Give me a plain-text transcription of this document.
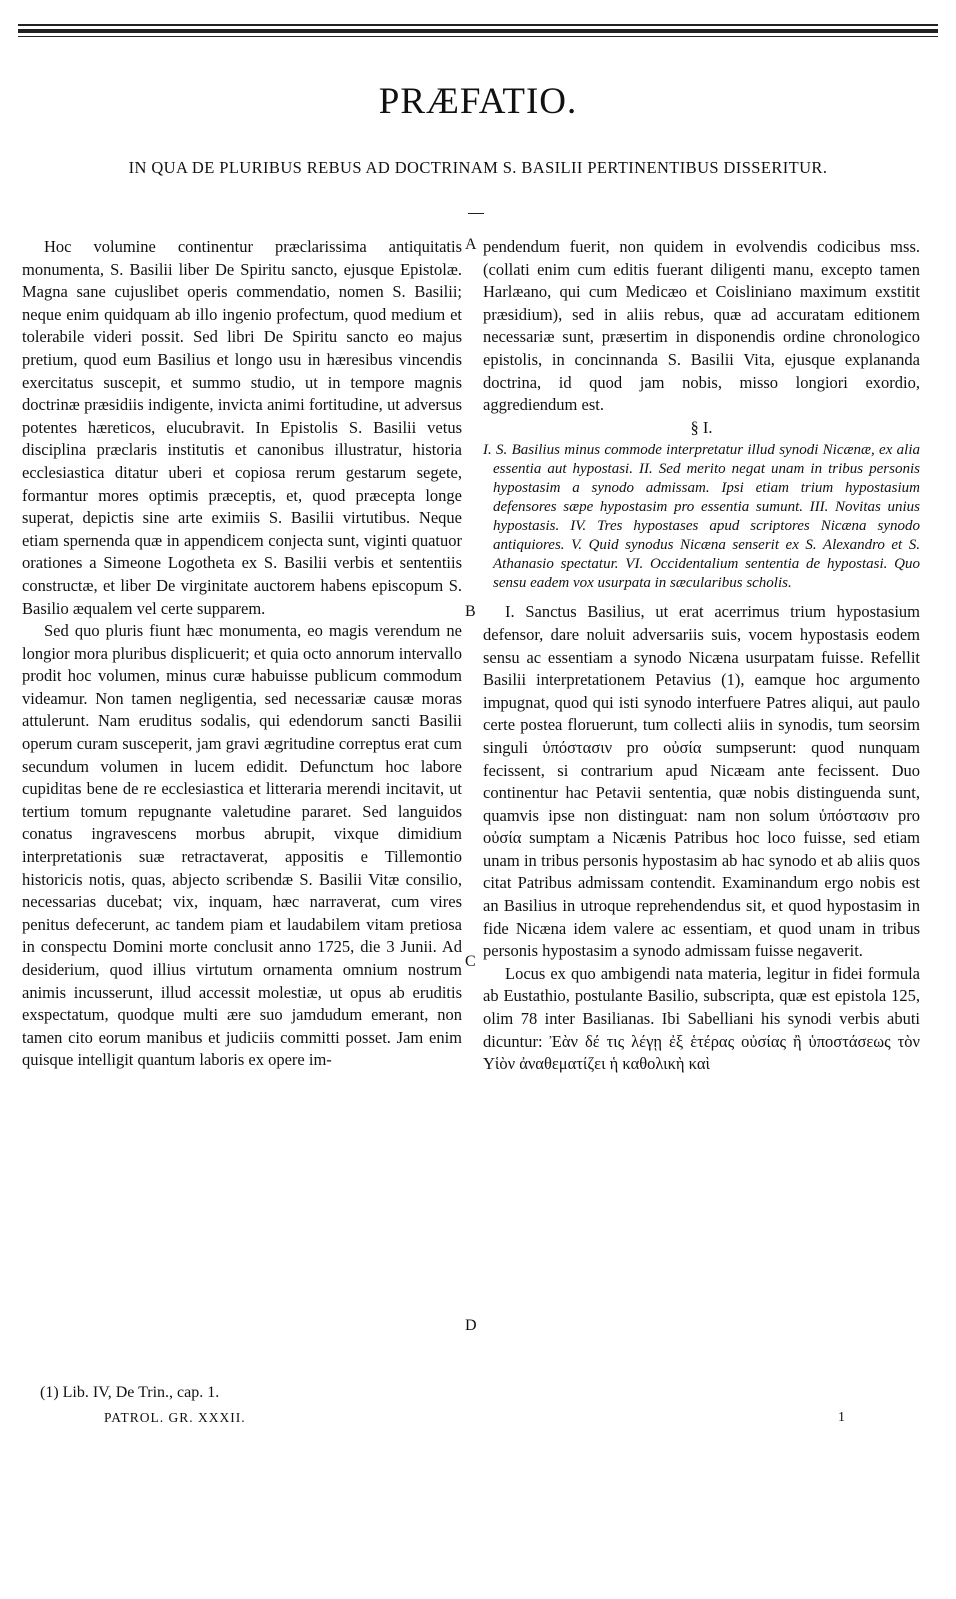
PRÆFATIO.
IN QUA DE PLURIBUS REBUS AD DOCTRINAM S. BASILII PERTINENTIBUS DISSERITUR.

Hoc volumine continentur præclarissima antiquitatis monumenta, S. Basilii liber De Spiritu sancto, ejusque Epistolæ. Magna sane cujuslibet operis commendatio, nomen S. Basilii; neque enim quidquam ab illo ingenio profectum, quod medium et tolerabile videri possit. Sed libri De Spiritu sancto eo majus pretium, quod eum Basilius et longo usu in hæresibus vincendis exercitatus suscepit, et summo studio, ut in tempore magnis doctrinæ præsidiis indigente, invicta animi fortitudine, ut adversus potentes hæreticos, elucubravit. In Epistolis S. Basilii vetus disciplina præclaris institutis et canonibus illustratur, historia ecclesiastica ditatur uberi et copiosa rerum gestarum segete, formantur mores optimis præceptis, et, quod præcepta longe superat, depictis sine arte eximiis S. Basilii virtutibus. Neque etiam spernenda quæ in appendicem conjecta sunt, viginti quatuor orationes a Simeone Logotheta ex S. Basilii verbis et sententiis constructæ, et liber De virginitate auctorem habens episcopum S. Basilio æqualem vel certe supparem.

Sed quo pluris fiunt hæc monumenta, eo magis verendum ne longior mora pluribus displicuerit; et quia octo annorum intervallo prodit hoc volumen, minus curæ habuisse publicum commodum videamur. Non tamen negligentia, sed necessariæ causæ moras attulerunt. Nam eruditus sodalis, qui edendorum sancti Basilii operum curam susceperit, jam gravi ægritudine correptus erat cum secundum volumen in lucem edidit. Defunctum hoc labore cupiditas bene de re ecclesiastica et litteraria merendi incitavit, ut tertium tomum repugnante valetudine pararet. Sed languidos conatus ingravescens morbus abrupit, vixque dimidium interpretationis suæ retractaverat, appositis e Tillemontio historicis notis, quas, abjecto scribendæ S. Basilii Vitæ consilio, necessarias ducebat; vix, inquam, hæc narraverat, cum vires penitus defecerunt, ac tandem piam et laudabilem vitam pretiosa in conspectu Domini morte conclusit anno 1725, die 3 Junii. Ad desiderium, quod illius virtutum ornamenta omnium nostrum animis incusserunt, illud accessit molestiæ, ut opus ab eruditis exspectatum, quodque multi ære suo jamdudum emerant, non tamen cito eorum manibus et judiciis committi posset. Jam enim quisque intelligit quantum laboris ex opere im-

A
B
C
D

pendendum fuerit, non quidem in evolvendis codicibus mss. (collati enim cum editis fuerant diligenti manu, excepto tamen Harlæano, qui cum Medicæo et Coisliniano maximum exstitit præsidium), sed in aliis rebus, quæ ad accuratam editionem necessariæ sunt, præsertim in disponendis ordine chronologico epistolis, in concinnanda S. Basilii Vita, ejusque explananda doctrina, id quod jam nobis, misso longiori exordio, aggrediendum est.

§ I.

I. S. Basilius minus commode interpretatur illud synodi Nicænæ, ex alia essentia aut hypostasi. II. Sed merito negat unam in tribus personis hypostasim a synodo admissam. Ipsi etiam trium hypostasium defensores sæpe hypostasim pro essentia sumunt. III. Novitas unius hypostasis. IV. Tres hypostases apud scriptores Nicæna synodo antiquiores. V. Quid synodus Nicæna senserit ex S. Alexandro et S. Athanasio spectatur. VI. Occidentalium sententia de hypostasi. Quo sensu eadem vox usurpata in sæcularibus scholis.

I. Sanctus Basilius, ut erat acerrimus trium hypostasium defensor, dare noluit adversariis suis, vocem hypostasis eodem sensu ac essentiam a synodo Nicæna usurpatam fuisse. Refellit Basilii interpretationem Petavius (1), eamque hoc argumento impugnat, quod qui isti synodo interfuere Patres aliqui, aut paulo certe postea floruerunt, tum collecti aliis in synodis, tum seorsim singuli ὑπόστασιν pro οὐσία sumpserunt: quod nunquam fecissent, si contrarium apud Nicæam ante fecissent. Duo continentur hac Petavii sententia, quæ nobis distinguenda sunt, quamvis ipse non distinguat: nam non solum ὑπόστασιν pro οὐσία sumptam a Nicænis Patribus hoc loco fuisse, sed etiam unam in tribus personis hypostasim ab hac synodo et ab aliis quos citat Patribus admissam contendit. Examinandum ergo nobis est an Basilius in utroque reprehendendus sit, et quod hypostasim in fide Nicæna idem valere ac essentiam, et quod unam in tribus personis hypostasim a synodo admissam fuisse negaverit.

Locus ex quo ambigendi nata materia, legitur in fidei formula ab Eustathio, postulante Basilio, subscripta, quæ est epistola 125, olim 78 inter Basilianas. Ibi Sabelliani his synodi verbis abuti dicuntur: Ἐὰν δέ τις λέγῃ ἐξ ἑτέρας οὐσίας ἢ ὑποστάσεως τὸν Υἱὸν ἀναθεματίζει ἡ καθολικὴ καὶ

(1) Lib. IV, De Trin., cap. 1.
PATROL. GR. XXXII.	1
